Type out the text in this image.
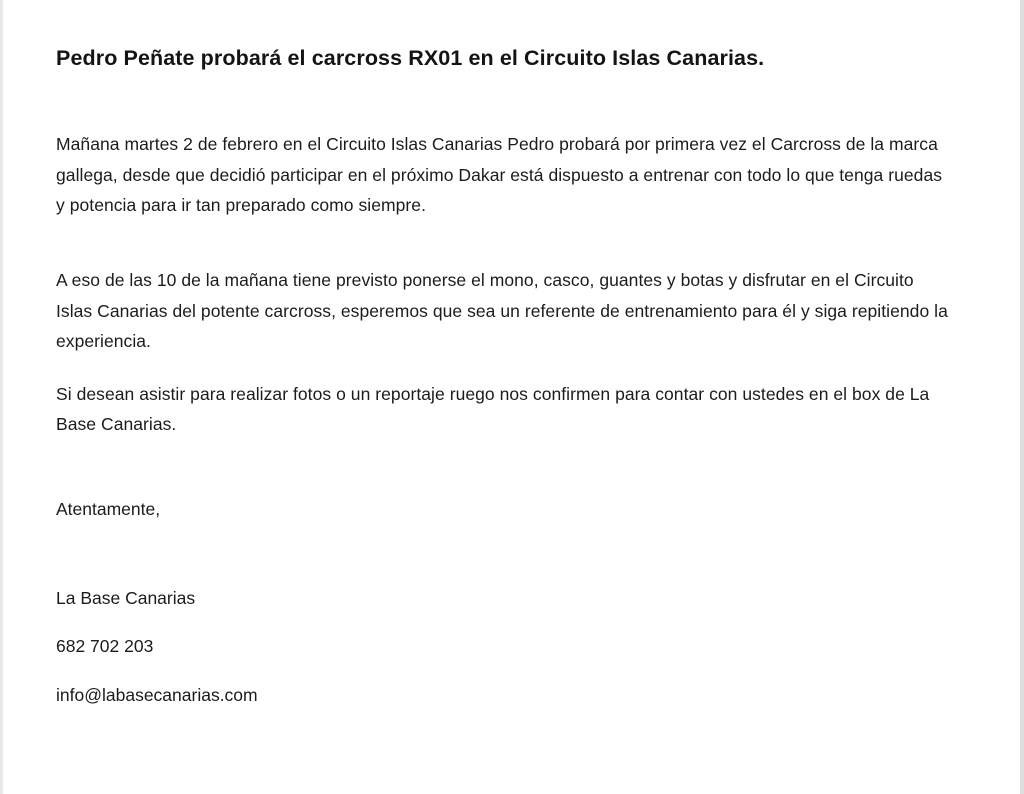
Pedro Peñate probará el carcross RX01 en el Circuito Islas Canarias.

Mañana martes 2 de febrero en el Circuito Islas Canarias Pedro probará por primera vez el Carcross de la marca gallega, desde que decidió participar en el próximo Dakar está dispuesto a entrenar con todo lo que tenga ruedas y potencia para ir tan preparado como siempre.

A eso de las 10 de la mañana tiene previsto ponerse el mono, casco, guantes y botas y disfrutar en el Circuito Islas Canarias del potente carcross, esperemos que sea un referente de entrenamiento para él y siga repitiendo la experiencia.

Si desean asistir para realizar fotos o un reportaje ruego nos confirmen para contar con ustedes en el box de La Base Canarias.

Atentamente,

La Base Canarias

682 702 203

info@labasecanarias.com
